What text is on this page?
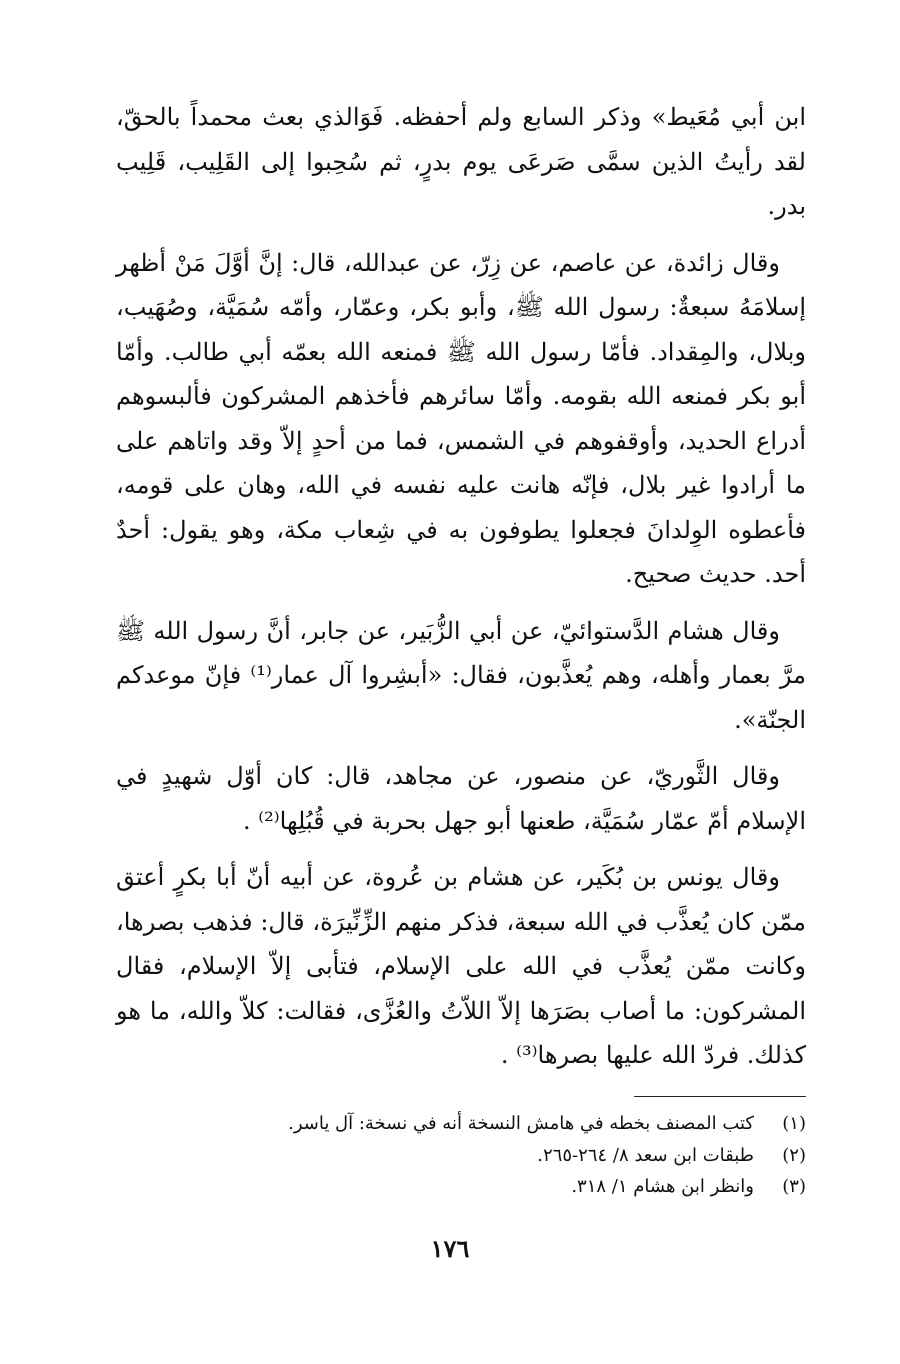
ابن أبي مُعَيط» وذكر السابع ولم أحفظه. فَوَالذي بعث محمداً بالحقّ، لقد رأيتُ الذين سمَّى صَرعَى يوم بدرٍ، ثم سُحِبوا إلى القَلِيب، قَلِيب بدر.

وقال زائدة، عن عاصم، عن زِرّ، عن عبدالله، قال: إنَّ أوَّلَ مَنْ أظهر إسلامَهُ سبعةٌ: رسول الله ﷺ، وأبو بكر، وعمّار، وأمّه سُمَيَّة، وصُهَيب، وبلال، والمِقداد. فأمّا رسول الله ﷺ فمنعه الله بعمّه أبي طالب. وأمّا أبو بكر فمنعه الله بقومه. وأمّا سائرهم فأخذهم المشركون فألبسوهم أدراع الحديد، وأوقفوهم في الشمس، فما من أحدٍ إلاّ وقد واتاهم على ما أرادوا غير بلال، فإنّه هانت عليه نفسه في الله، وهان على قومه، فأعطوه الوِلدانَ فجعلوا يطوفون به في شِعاب مكة، وهو يقول: أحدٌ أحد. حديث صحيح.

وقال هشام الدَّستوائيّ، عن أبي الزُّبَير، عن جابر، أنَّ رسول الله ﷺ مرَّ بعمار وأهله، وهم يُعذَّبون، فقال: «أبشِروا آل عمار⁽¹⁾ فإنّ موعدكم الجنّة».

وقال الثَّوريّ، عن منصور، عن مجاهد، قال: كان أوّل شهيدٍ في الإسلام أمّ عمّار سُمَيَّة، طعنها أبو جهل بحربة في قُبُلِها⁽²⁾ .

وقال يونس بن بُكَير، عن هشام بن عُروة، عن أبيه أنّ أبا بكرٍ أعتق ممّن كان يُعذَّب في الله سبعة، فذكر منهم الزِّنِّيرَة، قال: فذهب بصرها، وكانت ممّن يُعذَّب في الله على الإسلام، فتأبى إلاّ الإسلام، فقال المشركون: ما أصاب بصَرَها إلاّ اللاّتُ والعُزَّى، فقالت: كلاّ والله، ما هو كذلك. فردّ الله عليها بصرها⁽³⁾ .

(١)
كتب المصنف بخطه في هامش النسخة أنه في نسخة: آل ياسر.
(٢)
طبقات ابن سعد ٨/ ٢٦٤-٢٦٥.
(٣)
وانظر ابن هشام ١/ ٣١٨.
١٧٦
